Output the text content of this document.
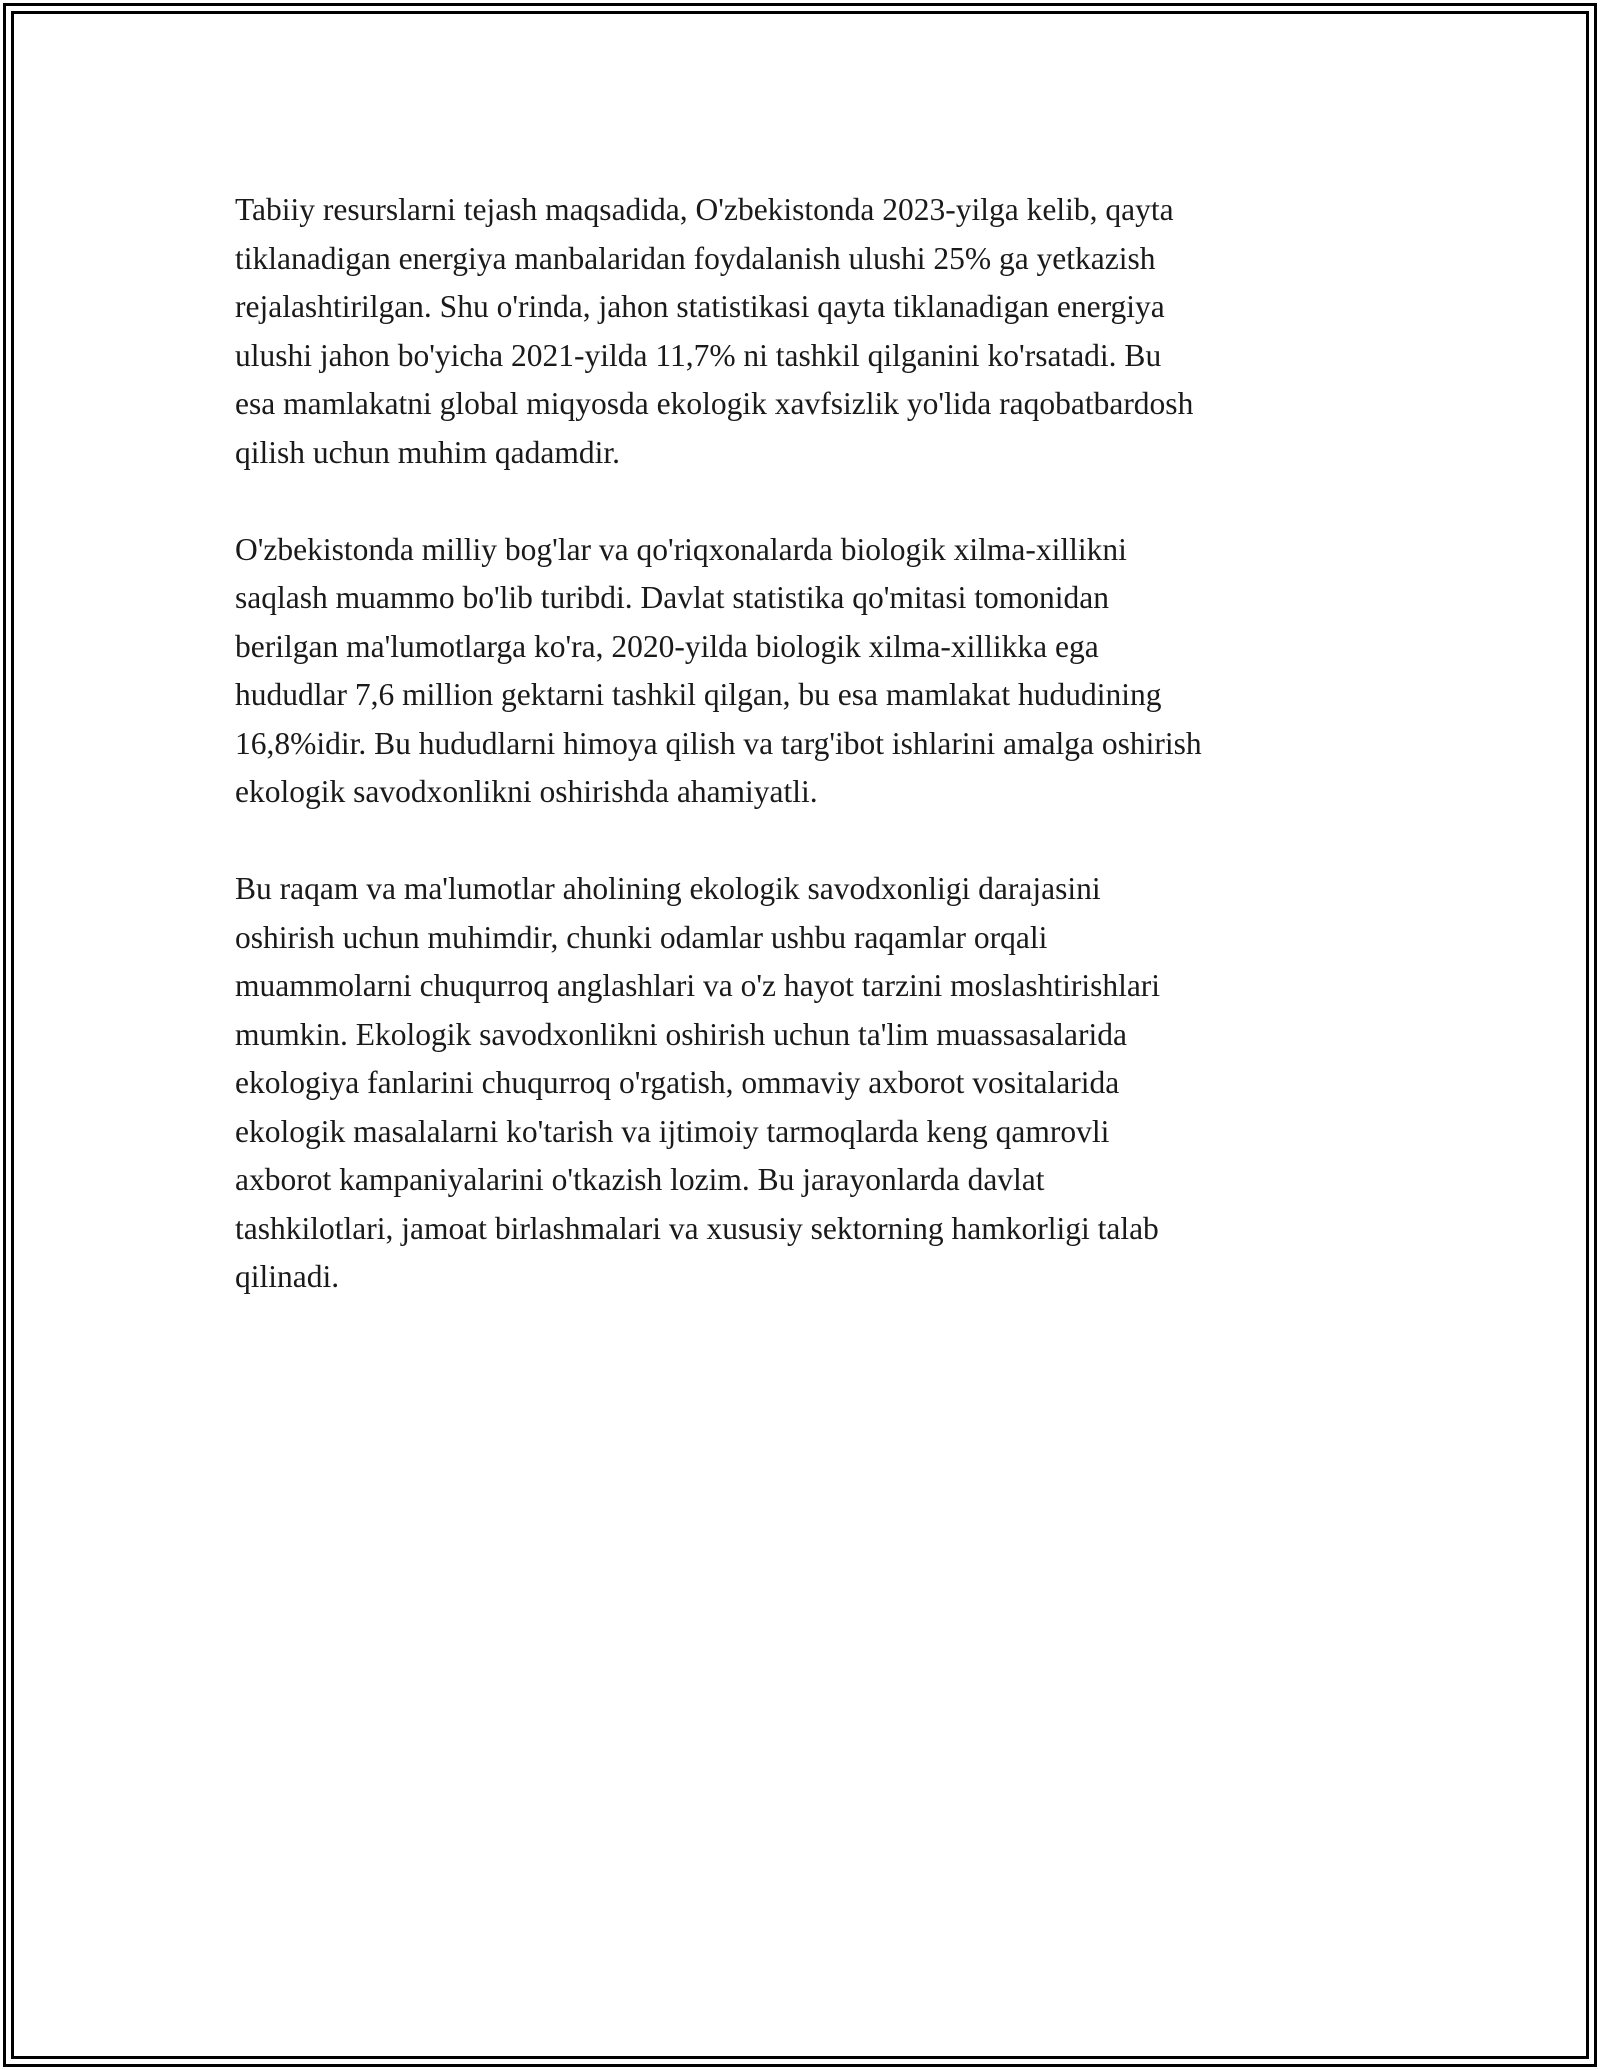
Tabiiy resurslarni tejash maqsadida, O'zbekistonda 2023-yilga kelib, qayta
tiklanadigan energiya manbalaridan foydalanish ulushi 25% ga yetkazish
rejalashtirilgan. Shu o'rinda, jahon statistikasi qayta tiklanadigan energiya
ulushi jahon bo'yicha 2021-yilda 11,7% ni tashkil qilganini ko'rsatadi. Bu
esa mamlakatni global miqyosda ekologik xavfsizlik yo'lida raqobatbardosh
qilish uchun muhim qadamdir.

O'zbekistonda milliy bog'lar va qo'riqxonalarda biologik xilma-xillikni
saqlash muammo bo'lib turibdi. Davlat statistika qo'mitasi tomonidan
berilgan ma'lumotlarga ko'ra, 2020-yilda biologik xilma-xillikka ega
hududlar 7,6 million gektarni tashkil qilgan, bu esa mamlakat hududining
16,8%idir. Bu hududlarni himoya qilish va targ'ibot ishlarini amalga oshirish
ekologik savodxonlikni oshirishda ahamiyatli.

Bu raqam va ma'lumotlar aholining ekologik savodxonligi darajasini
oshirish uchun muhimdir, chunki odamlar ushbu raqamlar orqali
muammolarni chuqurroq anglashlari va o'z hayot tarzini moslashtirishlari
mumkin. Ekologik savodxonlikni oshirish uchun ta'lim muassasalarida
ekologiya fanlarini chuqurroq o'rgatish, ommaviy axborot vositalarida
ekologik masalalarni ko'tarish va ijtimoiy tarmoqlarda keng qamrovli
axborot kampaniyalarini o'tkazish lozim. Bu jarayonlarda davlat
tashkilotlari, jamoat birlashmalari va xususiy sektorning hamkorligi talab
qilinadi.
